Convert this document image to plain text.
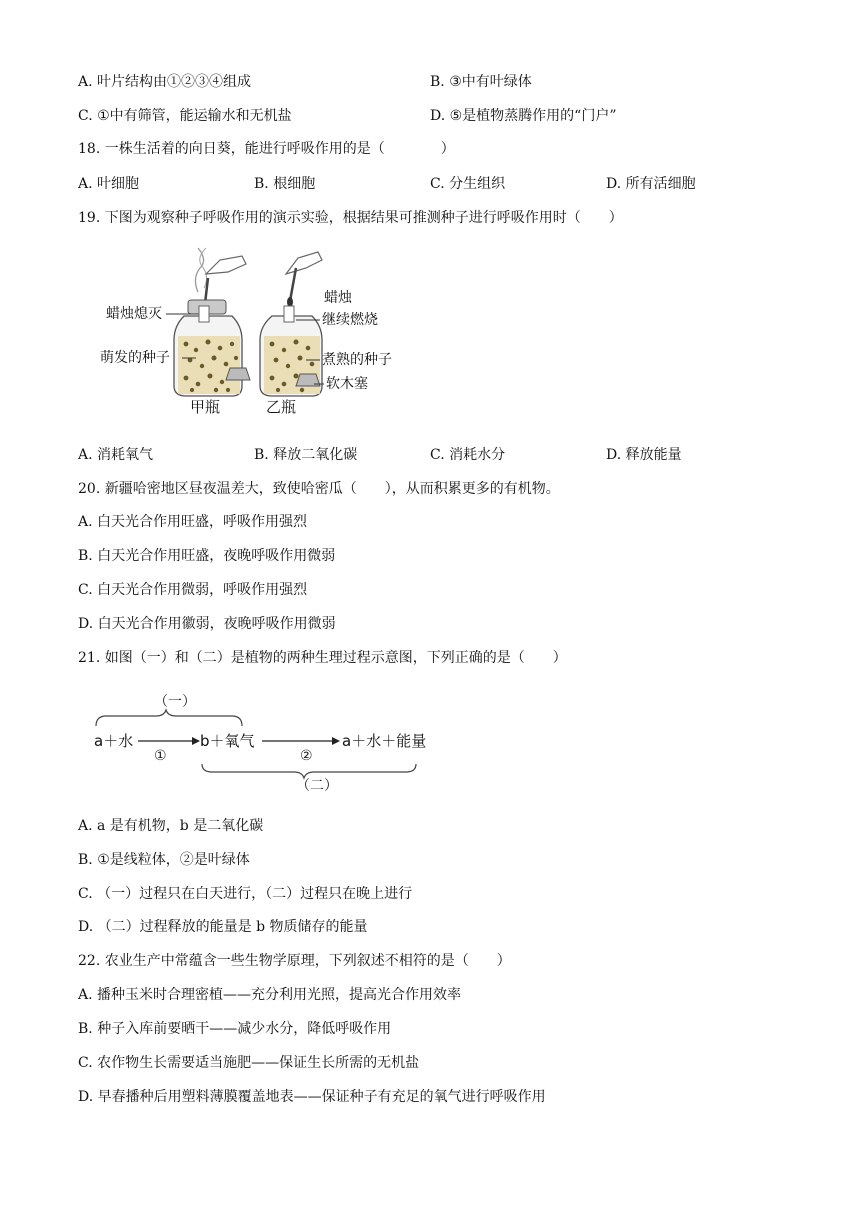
A. 叶片结构由①②③④组成	B. ③中有叶绿体
C. ①中有筛管，能运输水和无机盐	D. ⑤是植物蒸腾作用的“门户”
18. 一株生活着的向日葵，能进行呼吸作用的是（　　　　）
A. 叶细胞	B. 根细胞	C. 分生组织	D. 所有活细胞
19. 下图为观察种子呼吸作用的演示实验，根据结果可推测种子进行呼吸作用时（　　）
蜡烛熄灭
萌发的种子
甲瓶
蜡烛
继续燃烧
煮熟的种子
软木塞
乙瓶
A. 消耗氧气	B. 释放二氧化碳	C. 消耗水分	D. 释放能量
20. 新疆哈密地区昼夜温差大，致使哈密瓜（　　），从而积累更多的有机物。
A. 白天光合作用旺盛，呼吸作用强烈
B. 白天光合作用旺盛，夜晚呼吸作用微弱
C. 白天光合作用微弱，呼吸作用强烈
D. 白天光合作用徽弱，夜晚呼吸作用微弱
21. 如图（一）和（二）是植物的两种生理过程示意图，下列正确的是（　　）
（一）
a＋水
①
b＋氧气
②
a＋水＋能量
（二）
A. a 是有机物，b 是二氧化碳
B. ①是线粒体，②是叶绿体
C. （一）过程只在白天进行，（二）过程只在晚上进行
D. （二）过程释放的能量是 b 物质储存的能量
22. 农业生产中常蕴含一些生物学原理，下列叙述不相符的是（　　）
A. 播种玉米时合理密植——充分利用光照，提高光合作用效率
B. 种子入库前要晒干——减少水分，降低呼吸作用
C. 农作物生长需要适当施肥——保证生长所需的无机盐
D. 早春播种后用塑料薄膜覆盖地表——保证种子有充足的氧气进行呼吸作用
